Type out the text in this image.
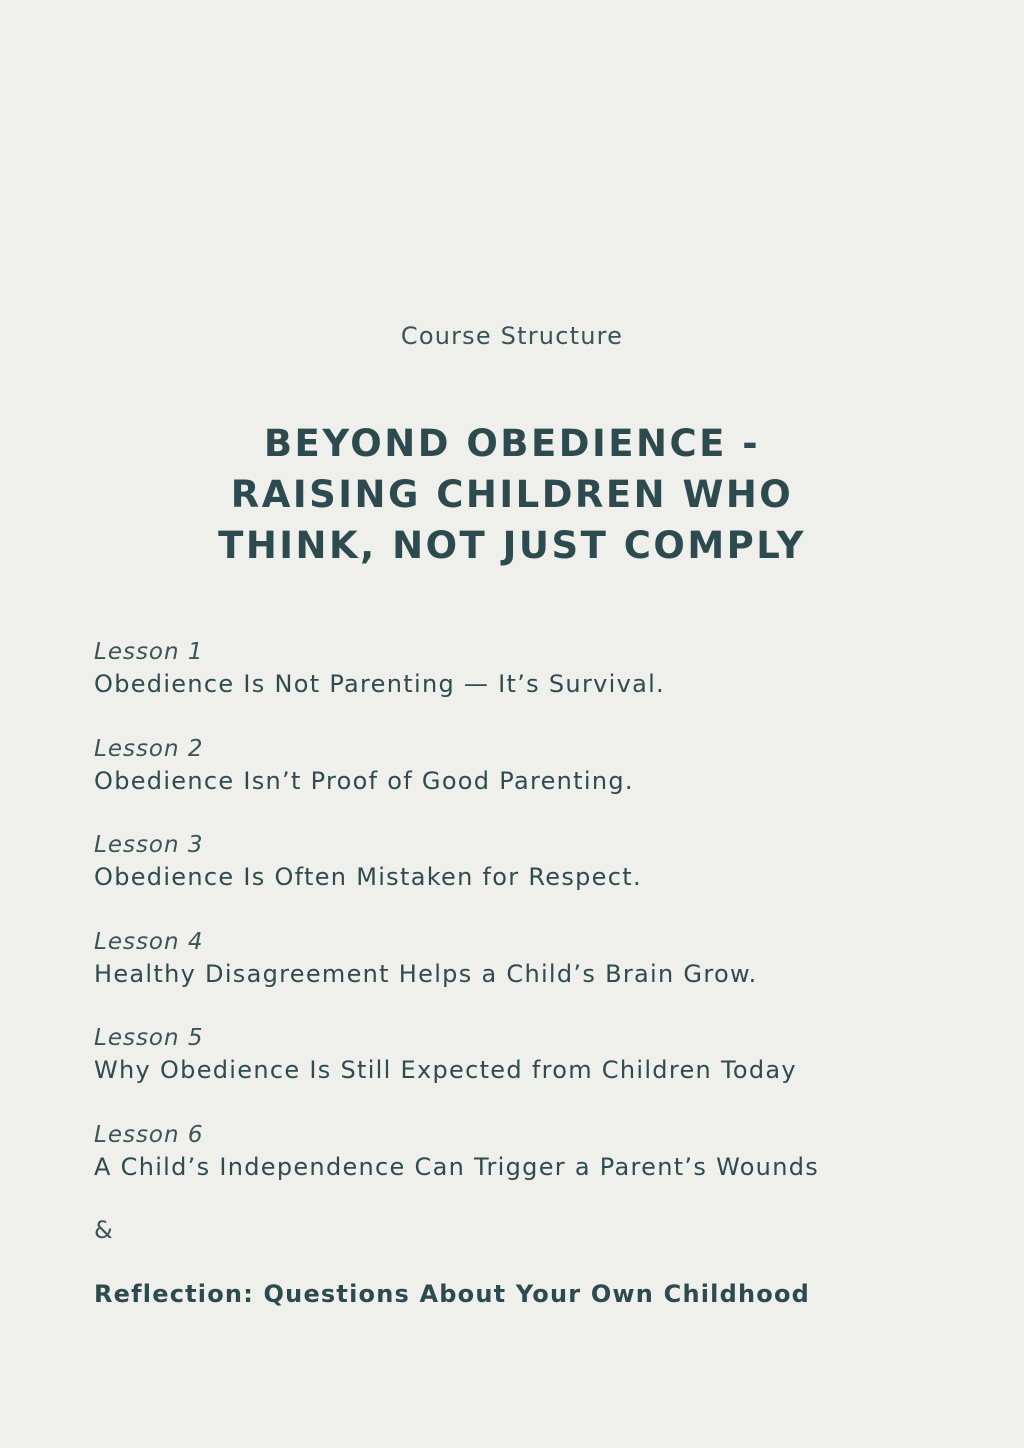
Course Structure
BEYOND OBEDIENCE -
RAISING CHILDREN WHO
THINK, NOT JUST COMPLY
Lesson 1
Obedience Is Not Parenting — It’s Survival.
Lesson 2
Obedience Isn’t Proof of Good Parenting.
Lesson 3
Obedience Is Often Mistaken for Respect.
Lesson 4
Healthy Disagreement Helps a Child’s Brain Grow.
Lesson 5
Why Obedience Is Still Expected from Children Today
Lesson 6
A Child’s Independence Can Trigger a Parent’s Wounds
&
Reflection: Questions About Your Own Childhood
